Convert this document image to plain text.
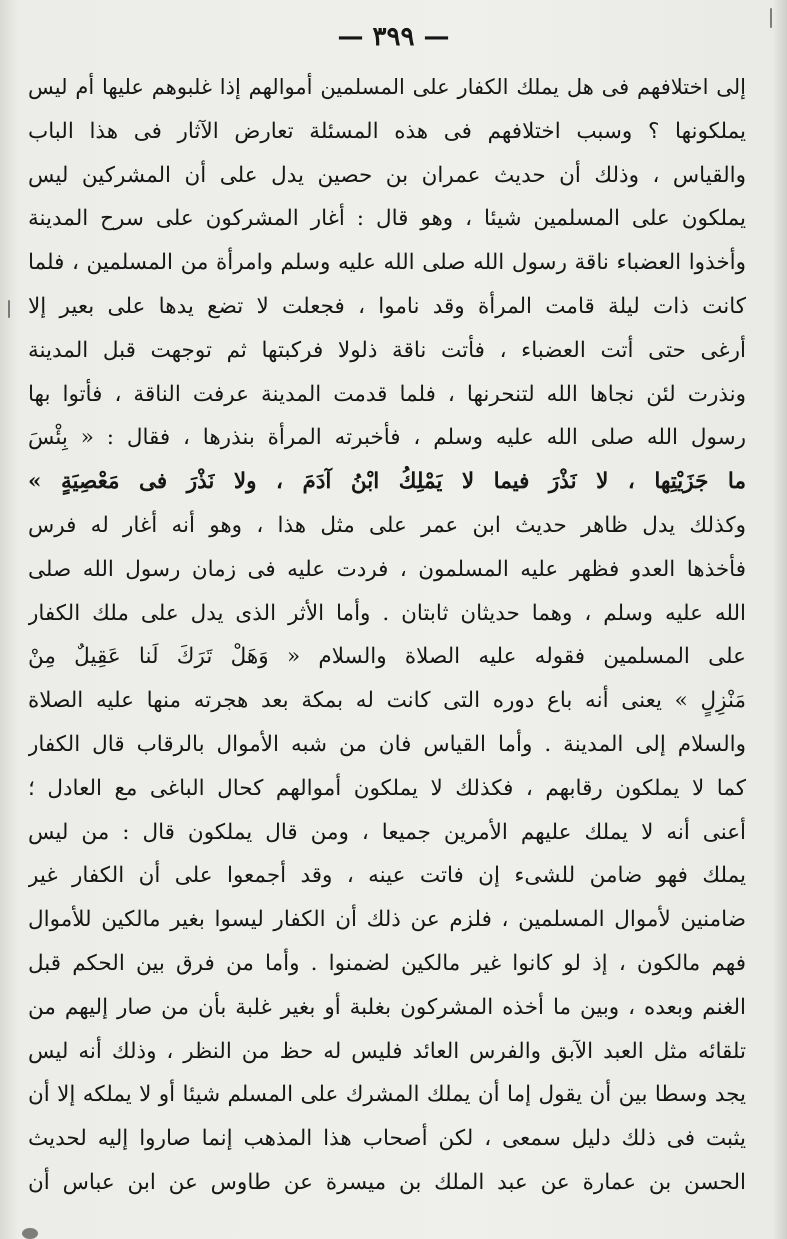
— ٣٩٩ —
إلى اختلافهم فى هل يملك الكفار على المسلمين أموالهم إذا غلبوهم عليها أم ليس
يملكونها ؟ وسبب اختلافهم فى هذه المسئلة تعارض الآثار فى هذا الباب
والقياس ، وذلك أن حديث عمران بن حصين يدل على أن المشركين ليس
يملكون على المسلمين شيئا ، وهو قال : أغار المشركون على سرح المدينة
وأخذوا العضباء ناقة رسول الله صلى الله عليه وسلم وامرأة من المسلمين ، فلما
كانت ذات ليلة قامت المرأة وقد ناموا ، فجعلت لا تضع يدها على بعير إلا
أرغى حتى أتت العضباء ، فأتت ناقة ذلولا فركبتها ثم توجهت قبل المدينة
ونذرت لئن نجاها الله لتنحرنها ، فلما قدمت المدينة عرفت الناقة ، فأتوا بها
رسول الله صلى الله عليه وسلم ، فأخبرته المرأة بنذرها ، فقال : « بِئْسَ
ما جَزَيْتِها ، لا نَذْرَ فيما لا يَمْلِكُ ابْنُ آدَمَ ، ولا نَذْرَ فى مَعْصِيَةٍ »
وكذلك يدل ظاهر حديث ابن عمر على مثل هذا ، وهو أنه أغار له فرس
فأخذها العدو فظهر عليه المسلمون ، فردت عليه فى زمان رسول الله صلى
الله عليه وسلم ، وهما حديثان ثابتان . وأما الأثر الذى يدل على ملك الكفار
على المسلمين فقوله عليه الصلاة والسلام « وَهَلْ تَرَكَ لَنا عَقِيلٌ مِنْ
مَنْزِلٍ » يعنى أنه باع دوره التى كانت له بمكة بعد هجرته منها عليه الصلاة
والسلام إلى المدينة . وأما القياس فان من شبه الأموال بالرقاب قال الكفار
كما لا يملكون رقابهم ، فكذلك لا يملكون أموالهم كحال الباغى مع العادل ؛
أعنى أنه لا يملك عليهم الأمرين جميعا ، ومن قال يملكون قال : من ليس
يملك فهو ضامن للشىء إن فاتت عينه ، وقد أجمعوا على أن الكفار غير
ضامنين لأموال المسلمين ، فلزم عن ذلك أن الكفار ليسوا بغير مالكين للأموال
فهم مالكون ، إذ لو كانوا غير مالكين لضمنوا . وأما من فرق بين الحكم قبل
الغنم وبعده ، وبين ما أخذه المشركون بغلبة أو بغير غلبة بأن من صار إليهم من
تلقائه مثل العبد الآبق والفرس العائد فليس له حظ من النظر ، وذلك أنه ليس
يجد وسطا بين أن يقول إما أن يملك المشرك على المسلم شيئا أو لا يملكه إلا أن
يثبت فى ذلك دليل سمعى ، لكن أصحاب هذا المذهب إنما صاروا إليه لحديث
الحسن بن عمارة عن عبد الملك بن ميسرة عن طاوس عن ابن عباس أن
